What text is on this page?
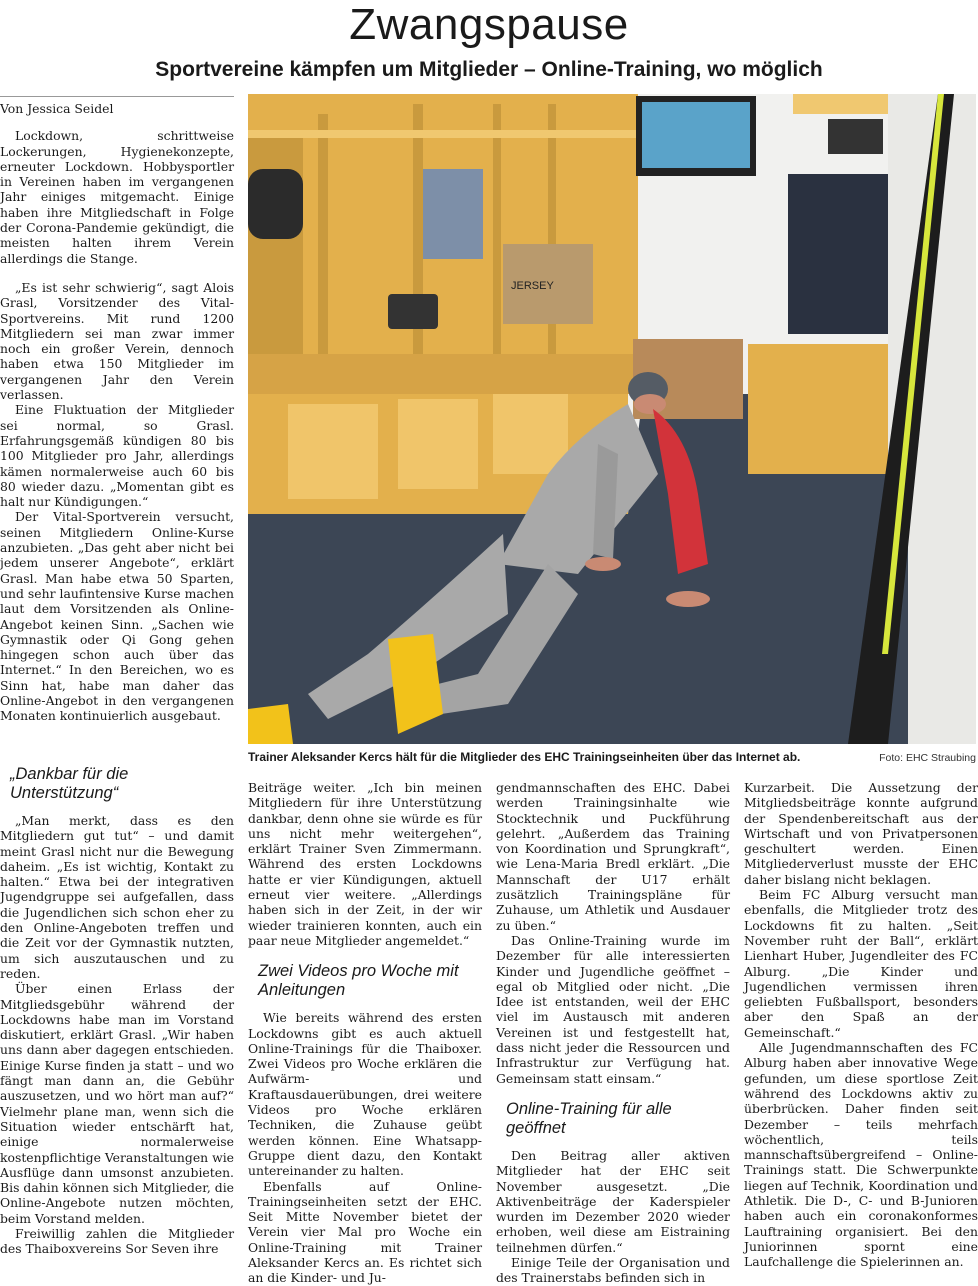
Zwangspause
Sportvereine kämpfen um Mitglieder – Online-Training, wo möglich

Von Jessica Seidel

Lockdown, schrittweise Lockerungen, Hygienekonzepte, erneuter Lockdown. Hobbysportler in Vereinen haben im vergangenen Jahr einiges mitgemacht. Einige haben ihre Mitgliedschaft in Folge der Corona-Pandemie gekündigt, die meisten halten ihrem Verein allerdings die Stange.

„Es ist sehr schwierig“, sagt Alois Grasl, Vorsitzender des Vital-Sportvereins. Mit rund 1200 Mitgliedern sei man zwar immer noch ein großer Verein, dennoch haben etwa 150 Mitglieder im vergangenen Jahr den Verein verlassen.

Eine Fluktuation der Mitglieder sei normal, so Grasl. Erfahrungsgemäß kündigen 80 bis 100 Mitglieder pro Jahr, allerdings kämen normalerweise auch 60 bis 80 wieder dazu. „Momentan gibt es halt nur Kündigungen.“

Der Vital-Sportverein versucht, seinen Mitgliedern Online-Kurse anzubieten. „Das geht aber nicht bei jedem unserer Angebote“, erklärt Grasl. Man habe etwa 50 Sparten, und sehr laufintensive Kurse machen laut dem Vorsitzenden als Online-Angebot keinen Sinn. „Sachen wie Gymnastik oder Qi Gong gehen hingegen schon auch über das Internet.“ In den Bereichen, wo es Sinn hat, habe man daher das Online-Angebot in den vergangenen Monaten kontinuierlich ausgebaut.

JERSEY
Trainer Aleksander Kercs hält für die Mitglieder des EHC Trainingseinheiten über das Internet ab.	Foto: EHC Straubing
„Dankbar für die Unterstützung“

„Man merkt, dass es den Mitgliedern gut tut“ – und damit meint Grasl nicht nur die Bewegung daheim. „Es ist wichtig, Kontakt zu halten.“ Etwa bei der integrativen Jugendgruppe sei aufgefallen, dass die Jugendlichen sich schon eher zu den Online-Angeboten treffen und die Zeit vor der Gymnastik nutzten, um sich auszutauschen und zu reden.

Über einen Erlass der Mitgliedsgebühr während der Lockdowns habe man im Vorstand diskutiert, erklärt Grasl. „Wir haben uns dann aber dagegen entschieden. Einige Kurse finden ja statt – und wo fängt man dann an, die Gebühr auszusetzen, und wo hört man auf?“ Vielmehr plane man, wenn sich die Situation wieder entschärft hat, einige normalerweise kostenpflichtige Veranstaltungen wie Ausflüge dann umsonst anzubieten. Bis dahin können sich Mitglieder, die Online-Angebote nutzen möchten, beim Vorstand melden.

Freiwillig zahlen die Mitglieder des Thaiboxvereins Sor Seven ihre

Beiträge weiter. „Ich bin meinen Mitgliedern für ihre Unterstützung dankbar, denn ohne sie würde es für uns nicht mehr weitergehen“, erklärt Trainer Sven Zimmermann. Während des ersten Lockdowns hatte er vier Kündigungen, aktuell erneut vier weitere. „Allerdings haben sich in der Zeit, in der wir wieder trainieren konnten, auch ein paar neue Mitglieder angemeldet.“

Zwei Videos pro Woche mit Anleitungen

Wie bereits während des ersten Lockdowns gibt es auch aktuell Online-Trainings für die Thaiboxer. Zwei Videos pro Woche erklären die Aufwärm- und Kraftausdauerübungen, drei weitere Videos pro Woche erklären Techniken, die Zuhause geübt werden können. Eine Whatsapp-Gruppe dient dazu, den Kontakt untereinander zu halten.

Ebenfalls auf Online-Trainingseinheiten setzt der EHC. Seit Mitte November bietet der Verein vier Mal pro Woche ein Online-Training mit Trainer Aleksander Kercs an. Es richtet sich an die Kinder- und Ju-

gendmannschaften des EHC. Dabei werden Trainingsinhalte wie Stocktechnik und Puckführung gelehrt. „Außerdem das Training von Koordination und Sprungkraft“, wie Lena-Maria Bredl erklärt. „Die Mannschaft der U17 erhält zusätzlich Trainingspläne für Zuhause, um Athletik und Ausdauer zu üben.“

Das Online-Training wurde im Dezember für alle interessierten Kinder und Jugendliche geöffnet – egal ob Mitglied oder nicht. „Die Idee ist entstanden, weil der EHC viel im Austausch mit anderen Vereinen ist und festgestellt hat, dass nicht jeder die Ressourcen und Infrastruktur zur Verfügung hat. Gemeinsam statt einsam.“

Online-Training für alle geöffnet

Den Beitrag aller aktiven Mitglieder hat der EHC seit November ausgesetzt. „Die Aktivenbeiträge der Kaderspieler wurden im Dezember 2020 wieder erhoben, weil diese am Eistraining teilnehmen dürfen.“

Einige Teile der Organisation und des Trainerstabs befinden sich in

Kurzarbeit. Die Aussetzung der Mitgliedsbeiträge konnte aufgrund der Spendenbereitschaft aus der Wirtschaft und von Privatpersonen geschultert werden. Einen Mitgliederverlust musste der EHC daher bislang nicht beklagen.

Beim FC Alburg versucht man ebenfalls, die Mitglieder trotz des Lockdowns fit zu halten. „Seit November ruht der Ball“, erklärt Lienhart Huber, Jugendleiter des FC Alburg. „Die Kinder und Jugendlichen vermissen ihren geliebten Fußballsport, besonders aber den Spaß an der Gemeinschaft.“

Alle Jugendmannschaften des FC Alburg haben aber innovative Wege gefunden, um diese sportlose Zeit während des Lockdowns aktiv zu überbrücken. Daher finden seit Dezember – teils mehrfach wöchentlich, teils mannschaftsübergreifend – Online-Trainings statt. Die Schwerpunkte liegen auf Technik, Koordination und Athletik. Die D-, C- und B-Junioren haben auch ein coronakonformes Lauftraining organisiert. Bei den Juniorinnen spornt eine Laufchallenge die Spielerinnen an.
